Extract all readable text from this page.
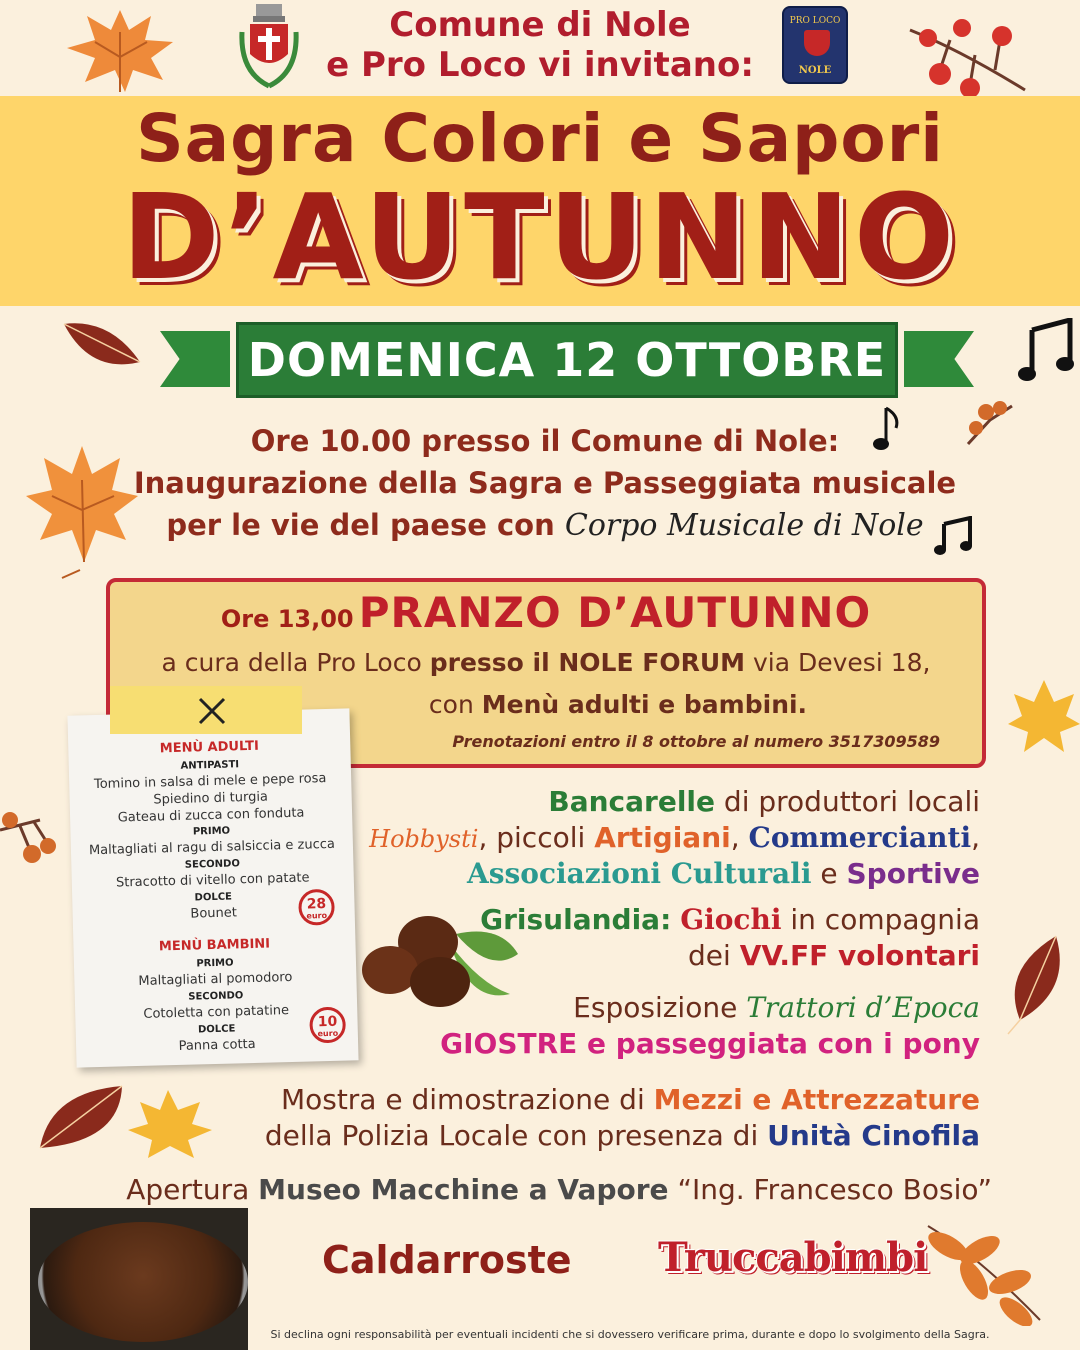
Comune di Nole
e Pro Loco vi invitano:
PRO LOCO
NOLE
Sagra Colori e Sapori
D’AUTUNNO
DOMENICA 12 OTTOBRE
Ore 10.00 presso il Comune di Nole:
Inaugurazione della Sagra e Passeggiata musicale
per le vie del paese con Corpo Musicale di Nole
Ore 13,00 PRANZO D’AUTUNNO
a cura della Pro Loco presso il NOLE FORUM via Devesi 18,
con Menù adulti e bambini.
Prenotazioni entro il 8 ottobre al numero 3517309589
MENÙ ADULTI
ANTIPASTI
Tomino in salsa di mele e pepe rosa
Spiedino di turgia
Gateau di zucca con fonduta
PRIMO
Maltagliati al ragu di salsiccia e zucca
SECONDO
Stracotto di vitello con patate
DOLCE
Bounet
28
euro
MENÙ BAMBINI
PRIMO
Maltagliati al pomodoro
SECONDO
Cotoletta con patatine
DOLCE
Panna cotta
10
euro
Bancarelle di produttori locali
Hobbysti, piccoli Artigiani, Commercianti,
Associazioni Culturali e Sportive
Grisulandia: Giochi in compagnia
dei VV.FF volontari
Esposizione Trattori d’Epoca
GIOSTRE e passeggiata con i pony
Mostra e dimostrazione di Mezzi e Attrezzature
della Polizia Locale con presenza di Unità Cinofila
Apertura Museo Macchine a Vapore “Ing. Francesco Bosio”
Caldarroste	Truccabimbi
Si declina ogni responsabilità per eventuali incidenti che si dovessero verificare prima, durante e dopo lo svolgimento della Sagra.
